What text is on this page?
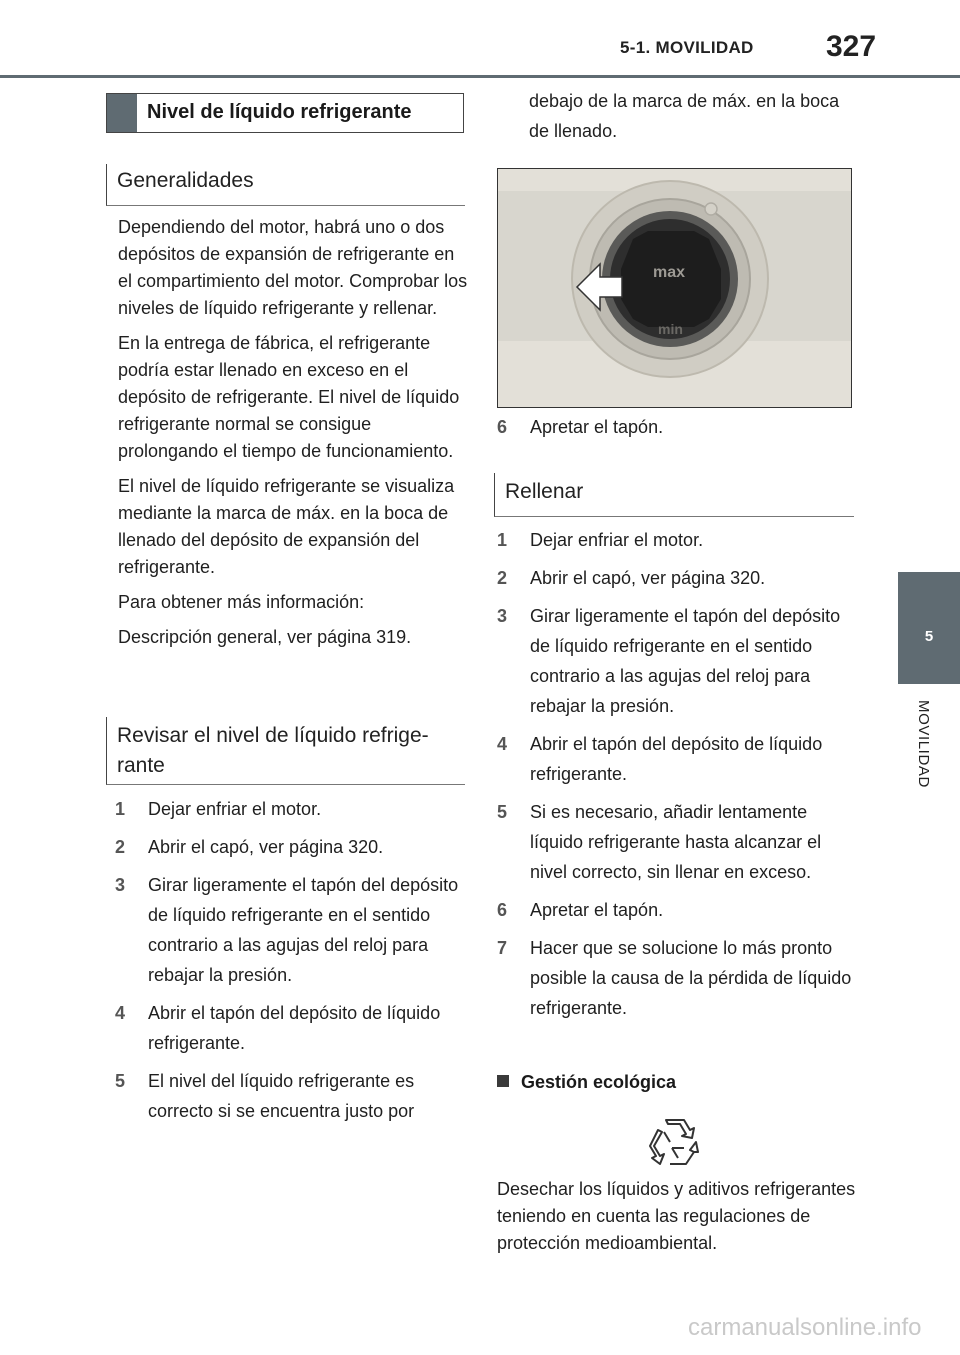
5-1. MOVILIDAD 327
5
MOVILIDAD
Nivel de líquido refrigerante
Generalidades

Dependiendo del motor, habrá uno o dos depósitos de expansión de refrigerante en el compartimiento del motor. Comprobar los niveles de líquido refrigerante y rellenar.

En la entrega de fábrica, el refrigerante podría estar llenado en exceso en el depósito de refrigerante. El nivel de líquido refrigerante normal se consigue prolongando el tiempo de funcionamiento.

El nivel de líquido refrigerante se visualiza mediante la marca de máx. en la boca de llenado del depósito de expansión del refrigerante.

Para obtener más información:

Descripción general, ver página 319.

Revisar el nivel de líquido refrigerante
1 Dejar enfriar el motor.
2 Abrir el capó, ver página 320.
3 Girar ligeramente el tapón del depósito de líquido refrigerante en el sentido contrario a las agujas del reloj para rebajar la presión.
4 Abrir el tapón del depósito de líquido refrigerante.
5 El nivel del líquido refrigerante es correcto si se encuentra justo por
debajo de la marca de máx. en la boca de llenado.
max
min
6 Apretar el tapón.
Rellenar
1 Dejar enfriar el motor.
2 Abrir el capó, ver página 320.
3 Girar ligeramente el tapón del depósito de líquido refrigerante en el sentido contrario a las agujas del reloj para rebajar la presión.
4 Abrir el tapón del depósito de líquido refrigerante.
5 Si es necesario, añadir lentamente líquido refrigerante hasta alcanzar el nivel correcto, sin llenar en exceso.
6 Apretar el tapón.
7 Hacer que se solucione lo más pronto posible la causa de la pérdida de líquido refrigerante.
Gestión ecológica
Desechar los líquidos y aditivos refrigerantes teniendo en cuenta las regulaciones de protección medioambiental.
carmanualsonline.info
